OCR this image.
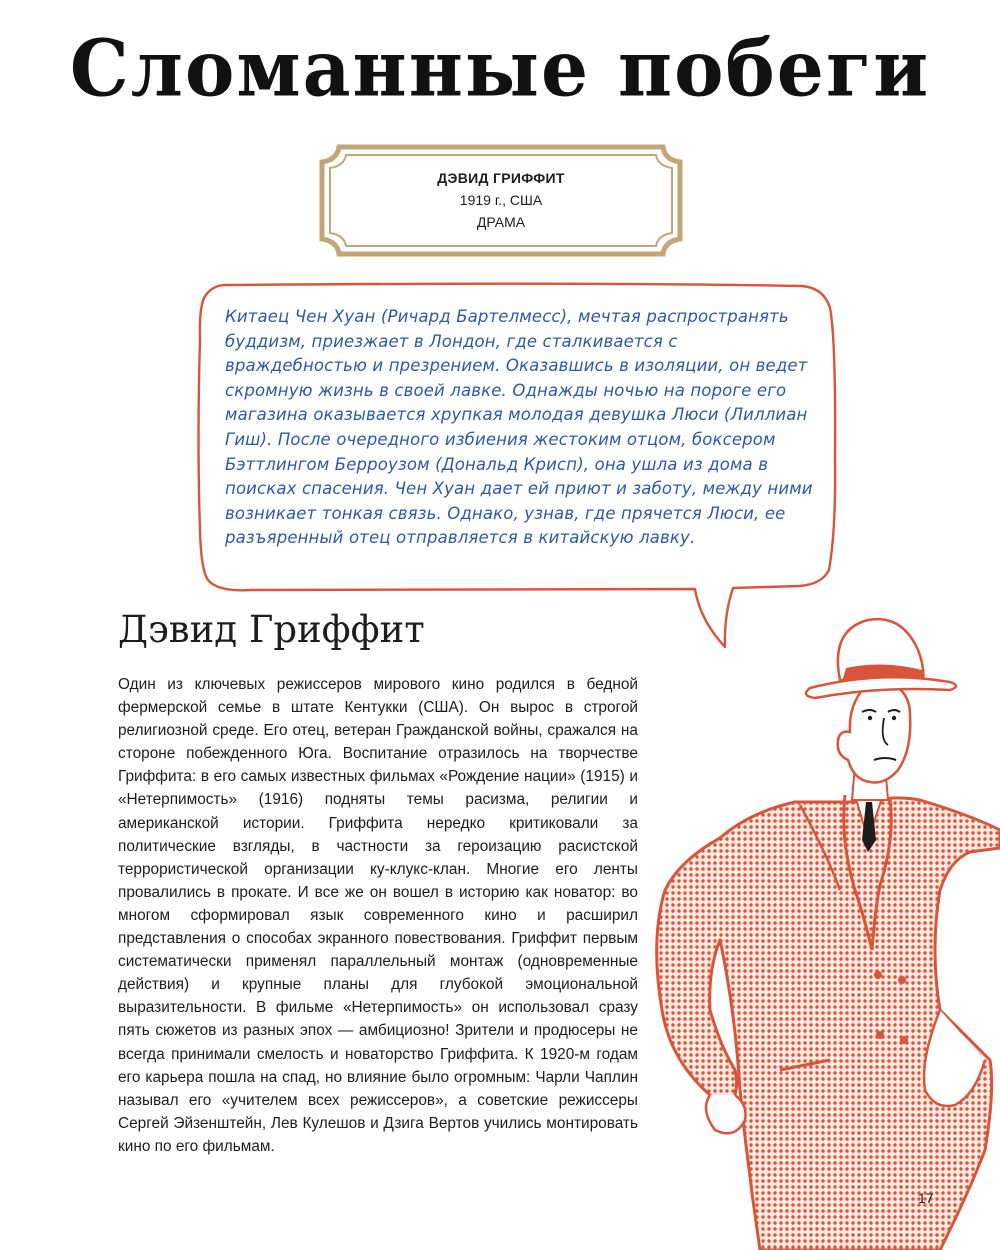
Сломанные побеги
ДЭВИД ГРИФФИТ
1919 г., США
ДРАМА

Китаец Чен Хуан (Ричард Бартелмесс), мечтая распространять буддизм, приезжает в Лондон, где сталкивается с враждебностью и презрением. Оказавшись в изоляции, он ведет скромную жизнь в своей лавке. Однажды ночью на пороге его магазина оказывается хрупкая молодая девушка Люси (Лиллиан Гиш). После очередного избиения жестоким отцом, боксером Бэттлингом Берроузом (Дональд Крисп), она ушла из дома в поисках спасения. Чен Хуан дает ей приют и заботу, между ними возникает тонкая связь. Однако, узнав, где прячется Люси, ее разъяренный отец отправляется в китайскую лавку.

Дэвид Гриффит

Один из ключевых режиссеров мирового кино родился в бедной фермерской семье в штате Кентукки (США). Он вырос в строгой религиозной среде. Его отец, ветеран Гражданской войны, сражался на стороне побежденного Юга. Воспитание отразилось на творчестве Гриффита: в его самых известных фильмах «Рождение нации» (1915) и «Нетерпимость» (1916) подняты темы расизма, религии и американской истории. Гриффита нередко критиковали за политические взгляды, в частности за героизацию расистской террористической организации ку-клукс-клан. Многие его ленты провалились в прокате. И все же он вошел в историю как новатор: во многом сформировал язык современного кино и расширил представления о способах экранного повествования. Гриффит первым систематически применял параллельный монтаж (одновременные действия) и крупные планы для глубокой эмоциональной выразительности. В фильме «Нетерпимость» он использовал сразу пять сюжетов из разных эпох — амбициозно! Зрители и продюсеры не всегда принимали смелость и новаторство Гриффита. К 1920-м годам его карьера пошла на спад, но влияние было огромным: Чарли Чаплин называл его «учителем всех режиссеров», а советские режиссеры Сергей Эйзенштейн, Лев Кулешов и Дзига Вертов учились монтировать кино по его фильмам.

17
